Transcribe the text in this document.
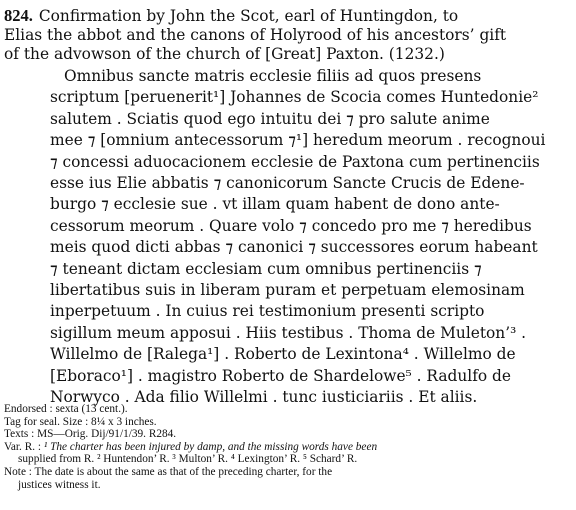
824. Confirmation by John the Scot, earl of Huntingdon, to
Elias the abbot and the canons of Holyrood of his ancestors’ gift
of the advowson of the church of [Great] Paxton. (1232.)
Omnibus sancte matris ecclesie filiis ad quos presens
scriptum [peruenerit¹] Johannes de Scocia comes Huntedonie²
salutem . Sciatis quod ego intuitu dei ⁊ pro salute anime
mee ⁊ [omnium antecessorum ⁊¹] heredum meorum . recognoui
⁊ concessi aduocacionem ecclesie de Paxtona cum pertinenciis
esse ius Elie abbatis ⁊ canonicorum Sancte Crucis de Edene-
burgo ⁊ ecclesie sue . vt illam quam habent de dono ante-
cessorum meorum . Quare volo ⁊ concedo pro me ⁊ heredibus
meis quod dicti abbas ⁊ canonici ⁊ successores eorum habeant
⁊ teneant dictam ecclesiam cum omnibus pertinenciis ⁊
libertatibus suis in liberam puram et perpetuam elemosinam
inperpetuum . In cuius rei testimonium presenti scripto
sigillum meum apposui . Hiis testibus . Thoma de Muleton’³ .
Willelmo de [Ralega¹] . Roberto de Lexintona⁴ . Willelmo de
[Eboraco¹] . magistro Roberto de Shardelowe⁵ . Radulfo de
Norwyco . Ada filio Willelmi . tunc iusticiariis . Et aliis.
Endorsed : sexta (13 cent.).
Tag for seal. Size : 8¼ x 3 inches.
Texts : MS—Orig. Dij/91/1/39. R284.
Var. R. : ¹ The charter has been injured by damp, and the missing words have been
supplied from R. ² Huntendon’ R. ³ Multon’ R. ⁴ Lexington’ R. ⁵ Schard’ R.
Note : The date is about the same as that of the preceding charter, for the
justices witness it.
